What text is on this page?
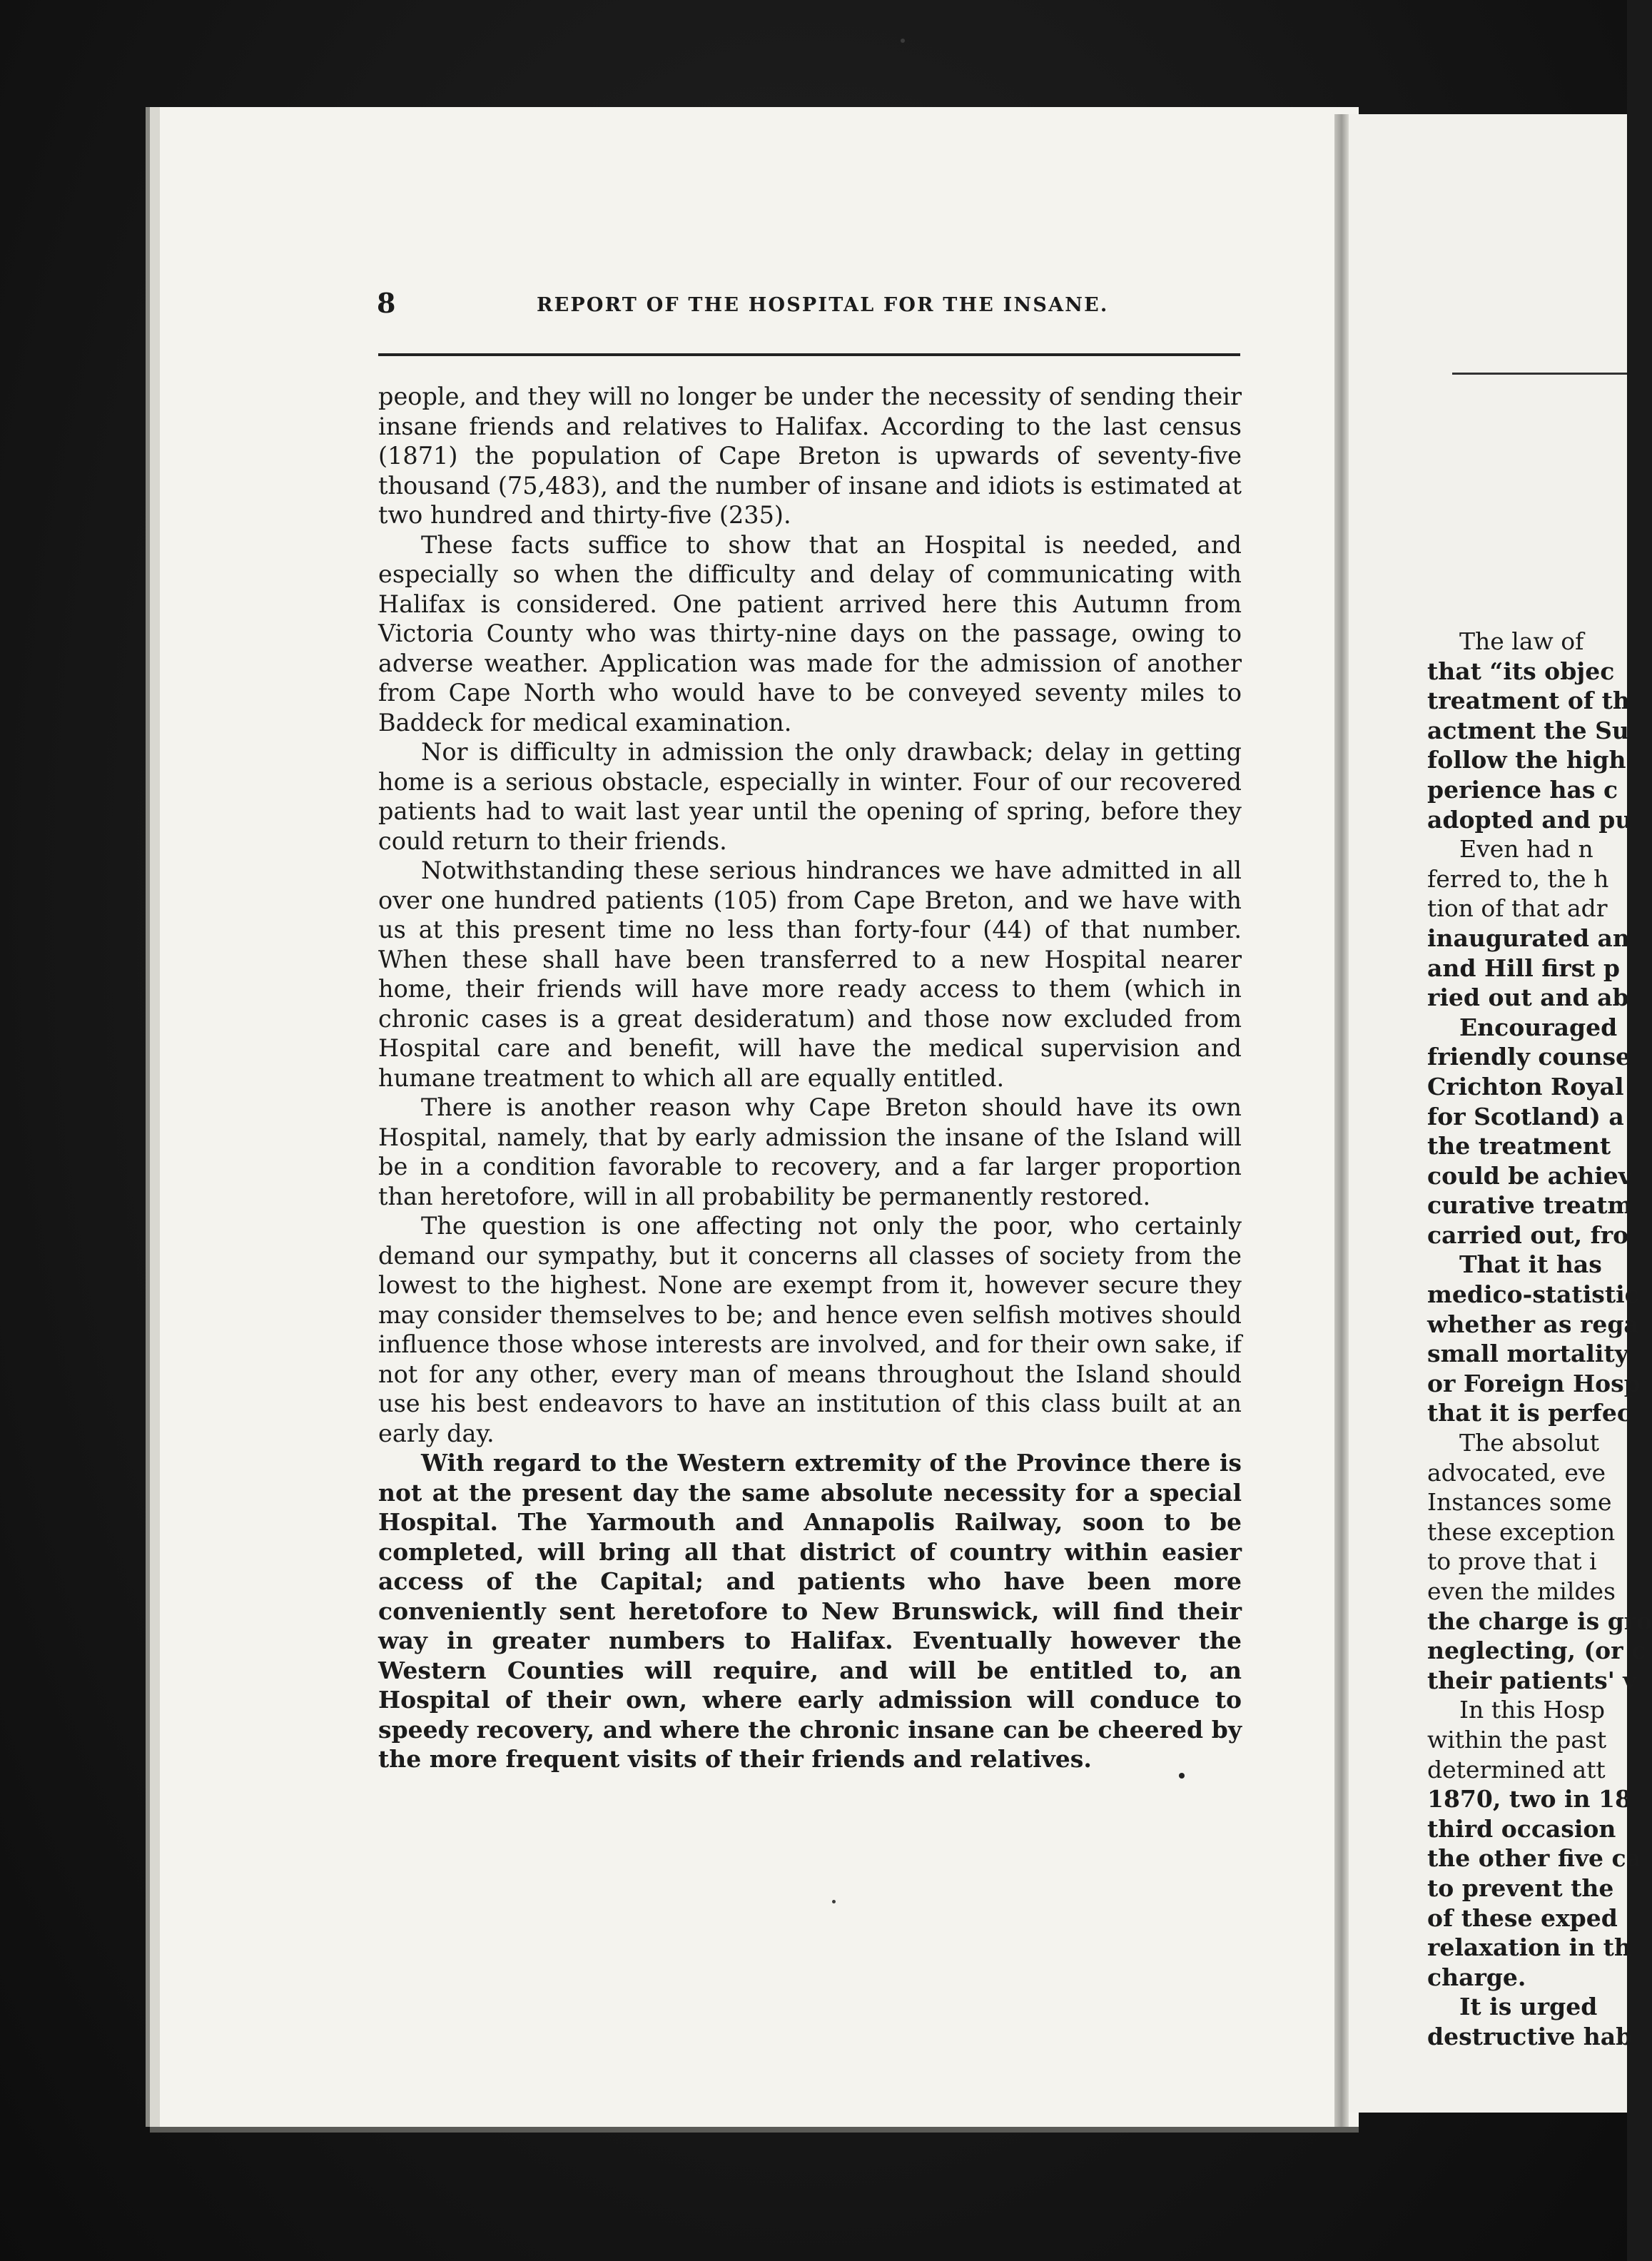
8	REPORT OF THE HOSPITAL FOR THE INSANE.

people, and they will no longer be under the necessity of sending their insane friends and relatives to Halifax. According to the last census (1871) the population of Cape Breton is upwards of seventy-five thousand (75,483), and the number of insane and idiots is estimated at two hundred and thirty-five (235).

These facts suffice to show that an Hospital is needed, and especially so when the difficulty and delay of communicating with Halifax is considered. One patient arrived here this Autumn from Victoria County who was thirty-nine days on the passage, owing to adverse weather. Application was made for the admission of another from Cape North who would have to be conveyed seventy miles to Baddeck for medical examination.

Nor is difficulty in admission the only drawback; delay in getting home is a serious obstacle, especially in winter. Four of our recovered patients had to wait last year until the opening of spring, before they could return to their friends.

Notwithstanding these serious hindrances we have admitted in all over one hundred patients (105) from Cape Breton, and we have with us at this present time no less than forty-four (44) of that number. When these shall have been transferred to a new Hospital nearer home, their friends will have more ready access to them (which in chronic cases is a great desideratum) and those now excluded from Hospital care and benefit, will have the medical supervision and humane treatment to which all are equally entitled.

There is another reason why Cape Breton should have its own Hospital, namely, that by early admission the insane of the Island will be in a condition favorable to recovery, and a far larger proportion than heretofore, will in all probability be permanently restored.

The question is one affecting not only the poor, who certainly demand our sympathy, but it concerns all classes of society from the lowest to the highest. None are exempt from it, however secure they may consider themselves to be; and hence even selfish motives should influence those whose interests are involved, and for their own sake, if not for any other, every man of means throughout the Island should use his best endeavors to have an institution of this class built at an early day.

With regard to the Western extremity of the Province there is not at the present day the same absolute necessity for a special Hospital. The Yarmouth and Annapolis Railway, soon to be completed, will bring all that district of country within easier access of the Capital; and patients who have been more conveniently sent heretofore to New Brunswick, will find their way in greater numbers to Halifax. Eventually however the Western Counties will require, and will be entitled to, an Hospital of their own, where early admission will conduce to speedy recovery, and where the chronic insane can be cheered by the more frequent visits of their friends and relatives.

The law of
that “its objec
treatment of th
actment the Su
follow the high
perience has c
adopted and pu
Even had n
ferred to, the h
tion of that adr
inaugurated an
and Hill first p
ried out and ab
Encouraged
friendly counse
Crichton Royal
for Scotland) a
the treatment
could be achiev
curative treatm
carried out, fro
That it has
medico-statistic
whether as rega
small mortality
or Foreign Hosp
that it is perfec
The absolut
advocated, eve
Instances some
these exception
to prove that i
even the mildes
the charge is gro
neglecting, (or c
their patients' v
In this Hosp
within the past
determined att
1870, two in 18
third occasion
the other five ca
to prevent the
of these exped
relaxation in th
charge.
It is urged
destructive hab
